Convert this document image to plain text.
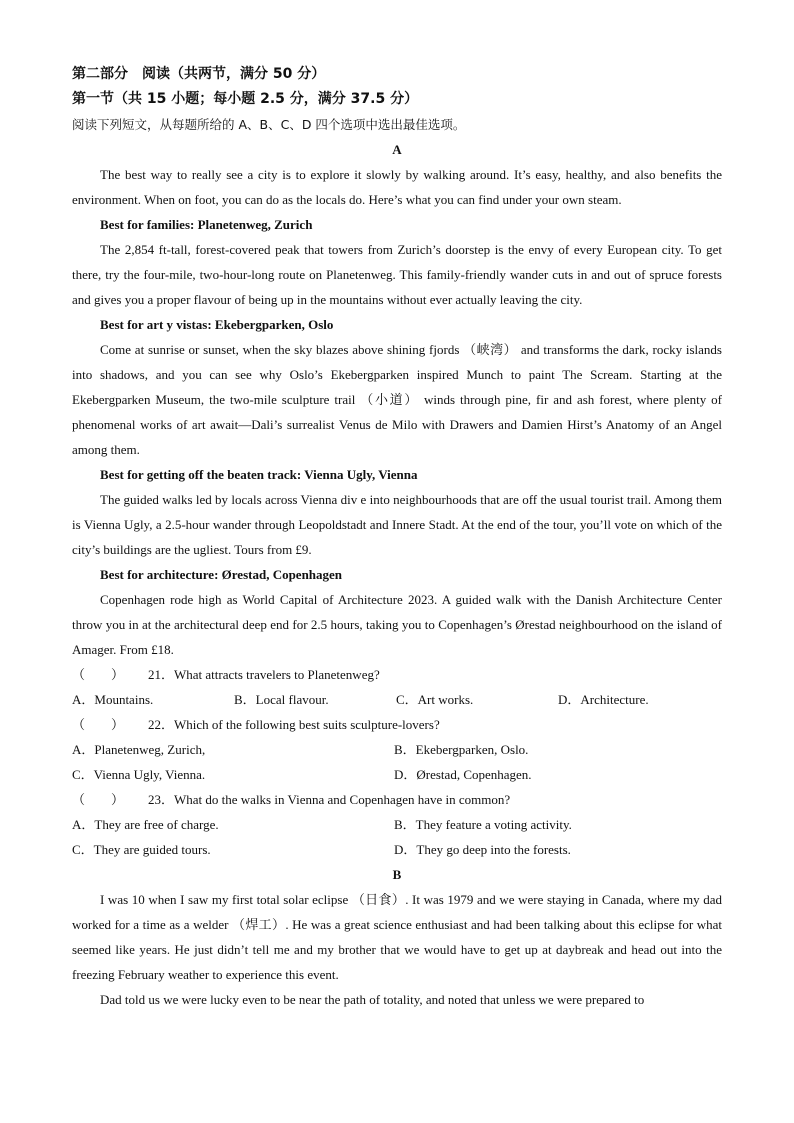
第二部分　阅读（共两节，满分 50 分）
第一节（共 15 小题；每小题 2.5 分，满分 37.5 分）
阅读下列短文，从每题所给的 A、B、C、D 四个选项中选出最佳选项。
A

The best way to really see a city is to explore it slowly by walking around. It’s easy, healthy, and also benefits the environment. When on foot, you can do as the locals do. Here’s what you can find under your own steam.

Best for families: Planetenweg, Zurich

The 2,854 ft-tall, forest-covered peak that towers from Zurich’s doorstep is the envy of every European city. To get there, try the four-mile, two-hour-long route on Planetenweg. This family-friendly wander cuts in and out of spruce forests and gives you a proper flavour of being up in the mountains without ever actually leaving the city.

Best for art y vistas: Ekebergparken, Oslo

Come at sunrise or sunset, when the sky blazes above shining fjords （峡湾） and transforms the dark, rocky islands into shadows, and you can see why Oslo’s Ekebergparken inspired Munch to paint The Scream. Starting at the Ekebergparken Museum, the two-mile sculpture trail （小道） winds through pine, fir and ash forest, where plenty of phenomenal works of art await—Dali’s surrealist Venus de Milo with Drawers and Damien Hirst’s Anatomy of an Angel among them.

Best for getting off the beaten track: Vienna Ugly, Vienna

The guided walks led by locals across Vienna div e into neighbourhoods that are off the usual tourist trail. Among them is Vienna Ugly, a 2.5-hour wander through Leopoldstadt and Innere Stadt. At the end of the tour, you’ll vote on which of the city’s buildings are the ugliest. Tours from £9.

Best for architecture: Ørestad, Copenhagen

Copenhagen rode high as World Capital of Architecture 2023. A guided walk with the Danish Architecture Center throw you in at the architectural deep end for 2.5 hours, taking you to Copenhagen’s Ørestad neighbourhood on the island of Amager. From £18.

（　　） 21．What attracts travelers to Planetenweg?
A．Mountains.	B．Local flavour.	C．Art works.	D．Architecture.
（　　） 22．Which of the following best suits sculpture-lovers?
A．Planetenweg, Zurich,	B．Ekebergparken, Oslo.
C．Vienna Ugly, Vienna.	D．Ørestad, Copenhagen.
（　　） 23．What do the walks in Vienna and Copenhagen have in common?
A．They are free of charge.	B．They feature a voting activity.
C．They are guided tours.	D．They go deep into the forests.
B

I was 10 when I saw my first total solar eclipse （日食）. It was 1979 and we were staying in Canada, where my dad worked for a time as a welder （焊工）. He was a great science enthusiast and had been talking about this eclipse for what seemed like years. He just didn’t tell me and my brother that we would have to get up at daybreak and head out into the freezing February weather to experience this event.

Dad told us we were lucky even to be near the path of totality, and noted that unless we were prepared to
